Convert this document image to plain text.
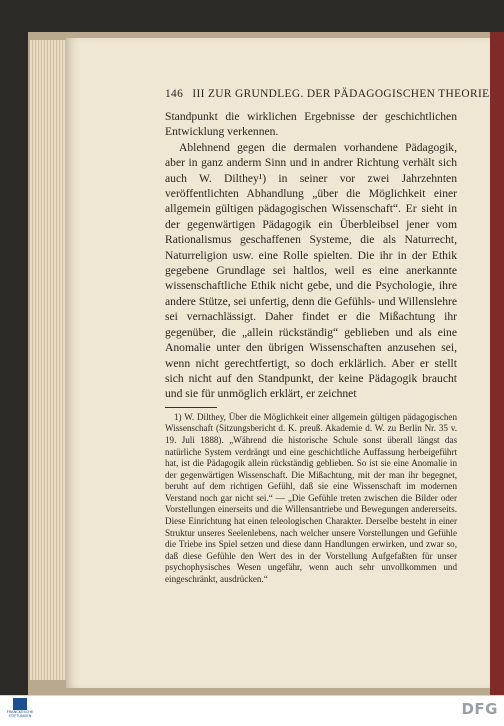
146 III ZUR GRUNDLEG. DER PÄDAGOGISCHEN THEORIE

Standpunkt die wirklichen Ergebnisse der geschichtlichen Entwicklung verkennen.

Ablehnend gegen die dermalen vorhandene Pädagogik, aber in ganz anderm Sinn und in andrer Richtung verhält sich auch W. Dilthey¹) in seiner vor zwei Jahrzehnten veröffentlichten Abhandlung „über die Möglichkeit einer allgemein gültigen pädagogischen Wissenschaft“. Er sieht in der gegenwärtigen Pädagogik ein Überbleibsel jener vom Rationalismus geschaffenen Systeme, die als Naturrecht, Naturreligion usw. eine Rolle spielten. Die ihr in der Ethik gegebene Grundlage sei haltlos, weil es eine anerkannte wissenschaftliche Ethik nicht gebe, und die Psychologie, ihre andere Stütze, sei unfertig, denn die Gefühls- und Willenslehre sei vernachlässigt. Daher findet er die Mißachtung ihr gegenüber, die „allein rückständig“ geblieben und als eine Anomalie unter den übrigen Wissenschaften anzusehen sei, wenn nicht gerechtfertigt, so doch erklärlich. Aber er stellt sich nicht auf den Standpunkt, der keine Pädagogik braucht und sie für unmöglich erklärt, er zeichnet

1) W. Dilthey, Über die Möglichkeit einer allgemein gültigen pädagogischen Wissenschaft (Sitzungsbericht d. K. preuß. Akademie d. W. zu Berlin Nr. 35 v. 19. Juli 1888). „Während die historische Schule sonst überall längst das natürliche System verdrängt und eine geschichtliche Auffassung herbeigeführt hat, ist die Pädagogik allein rückständig geblieben. So ist sie eine Anomalie in der gegenwärtigen Wissenschaft. Die Mißachtung, mit der man ihr begegnet, beruht auf dem richtigen Gefühl, daß sie eine Wissenschaft im modernen Verstand noch gar nicht sei.“ — „Die Gefühle treten zwischen die Bilder oder Vorstellungen einerseits und die Willensantriebe und Bewegungen andererseits. Diese Einrichtung hat einen teleologischen Charakter. Derselbe besteht in einer Struktur unseres Seelenlebens, nach welcher unsere Vorstellungen und Gefühle die Triebe ins Spiel setzen und diese dann Handlungen erwirken, und zwar so, daß diese Gefühle den Wert des in der Vorstellung Aufgefaßten für unser psychophysisches Wesen ungefähr, wenn auch sehr unvollkommen und eingeschränkt, ausdrücken.“

FRANCKESCHE
STIFTUNGEN	DFG
